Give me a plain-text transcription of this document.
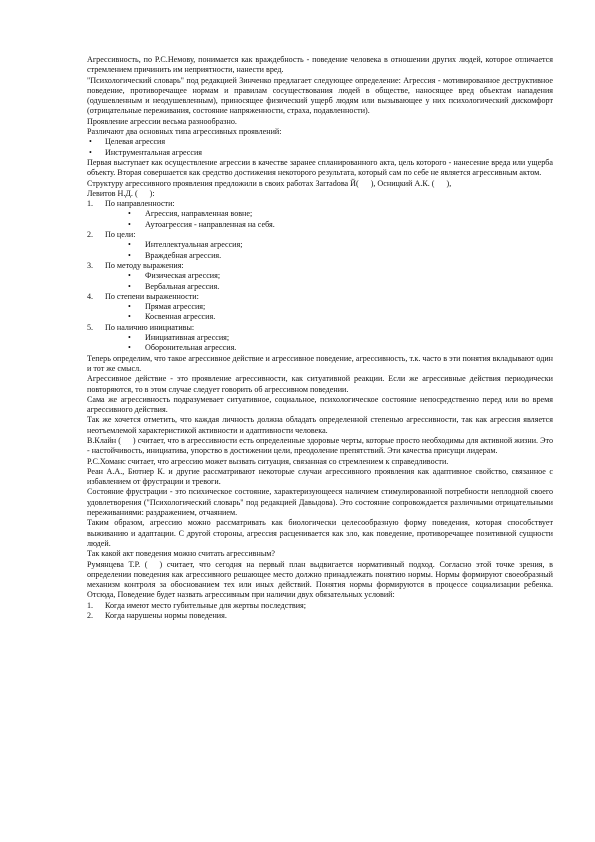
Агрессивность, по Р.С.Немову, понимается как враждебность - поведение человека в отношении других людей, которое отличается стремлением причинить им неприятности, нанести вред.

"Психологический словарь" под редакцией Зинченко предлагает следующее определение: Агрессия - мотивированное деструктивное поведение, противоречащее нормам и правилам сосуществования людей в обществе, наносящее вред объектам нападения (одушевленным и неодушевленным), приносящее физический ущерб людям или вызывающее у них психологический дискомфорт (отрицательные переживания, состояние напряженности, страха, подавленности).

Проявление агрессии весьма разнообразно.

Различают два основных типа агрессивных проявлений:

• Целевая агрессия
• Инструментальная агрессия

Первая выступает как осуществление агрессии в качестве заранее спланированного акта, цель которого - нанесение вреда или ущерба объекту. Вторая совершается как средство достижения некоторого результата, который сам по себе не является агрессивным актом.

Структуру агрессивного проявления предложили в своих работах Загradова Й( ), Осницкий А.К. ( ),
Левитов Н.Д. ( ):

1. По направленности:
• Агрессия, направленная вовне;
• Аутоагрессия - направленная на себя.
2. По цели:
• Интеллектуальная агрессия;
• Враждебная агрессия.
3. По методу выражения:
• Физическая агрессия;
• Вербальная агрессия.
4. По степени выраженности:
• Прямая агрессия;
• Косвенная агрессия.
5. По наличию инициативы:
• Инициативная агрессия;
• Оборонительная агрессия.

Теперь определим, что такое агрессивное действие и агрессивное поведение, агрессивность, т.к. часто в эти понятия вкладывают один и тот же смысл.

Агрессивное действие - это проявление агрессивности, как ситуативной реакции. Если же агрессивные действия периодически повторяются, то в этом случае следует говорить об агрессивном поведении.

Сама же агрессивность подразумевает ситуативное, социальное, психологическое состояние непосредственно перед или во время агрессивного действия.

Так же хочется отметить, что каждая личность должна обладать определенной степенью агрессивности, так как агрессия является неотъемлемой характеристикой активности и адаптивности человека.

В.Клайн ( ) считает, что в агрессивности есть определенные здоровые черты, которые просто необходимы для активной жизни. Это - настойчивость, инициатива, упорство в достижении цели, преодоление препятствий. Эти качества присущи лидерам.

Р.С.Хоманс считает, что агрессию может вызвать ситуация, связанная со стремлением к справедливости.

Реан А.А., Бютнер К. и другие рассматривают некоторые случаи агрессивного проявления как адаптивное свойство, связанное с избавлением от фрустрации и тревоги.

Состояние фрустрации - это психическое состояние, характеризующееся наличием стимулированной потребности неплодной своего удовлетворения ("Психологический словарь" под редакцией Давыдова). Это состояние сопровождается различными отрицательными переживаниями: раздражением, отчаянием.

Таким образом, агрессию можно рассматривать как биологически целесообразную форму поведения, которая способствует выживанию и адаптации. С другой стороны, агрессия расценивается как зло, как поведение, противоречащее позитивной сущности людей.

Так какой акт поведения можно считать агрессивным?

Румянцева Т.Р. ( ) считает, что сегодня на первый план выдвигается нормативный подход. Согласно этой точке зрения, в определении поведения как агрессивного решающее место должно принадлежать понятию нормы. Нормы формируют своеобразный механизм контроля за обоснованием тех или иных действий. Понятия нормы формируются в процессе социализации ребенка. Отсюда, Поведение будет назвать агрессивным при наличии двух обязательных условий:

1. Когда имеют место губительные для жертвы последствия;
2. Когда нарушены нормы поведения.
